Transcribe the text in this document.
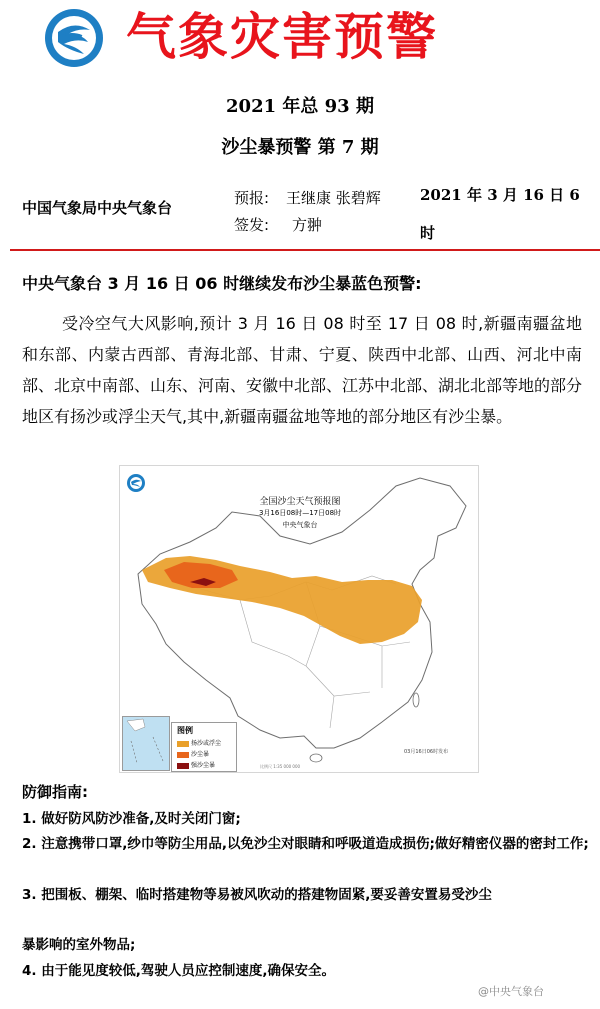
气象灾害预警
2021 年总 93 期
沙尘暴预警 第 7 期
中国气象局中央气象台
预报: 王继康 张碧辉
签发: 方翀
2021 年 3 月 16 日 6 时
中央气象台 3 月 16 日 06 时继续发布沙尘暴蓝色预警:
受冷空气大风影响,预计 3 月 16 日 08 时至 17 日 08 时,新疆南疆盆地和东部、内蒙古西部、青海北部、甘肃、宁夏、陕西中北部、山西、河北中南部、北京中南部、山东、河南、安徽中北部、江苏中北部、湖北北部等地的部分地区有扬沙或浮尘天气,其中,新疆南疆盆地等地的部分地区有沙尘暴。
全国沙尘天气预报图
3月16日08时—17日08时
中央气象台
图例
扬沙或浮尘
沙尘暴
强沙尘暴
03月16日06时发布
比例尺 1:35 000 000
防御指南:
1. 做好防风防沙准备,及时关闭门窗;
2. 注意携带口罩,纱巾等防尘用品,以免沙尘对眼睛和呼吸道造成损伤;做好精密仪器的密封工作;
3. 把围板、棚架、临时搭建物等易被风吹动的搭建物固紧,要妥善安置易受沙尘
暴影响的室外物品;
4. 由于能见度较低,驾驶人员应控制速度,确保安全。
@中央气象台
